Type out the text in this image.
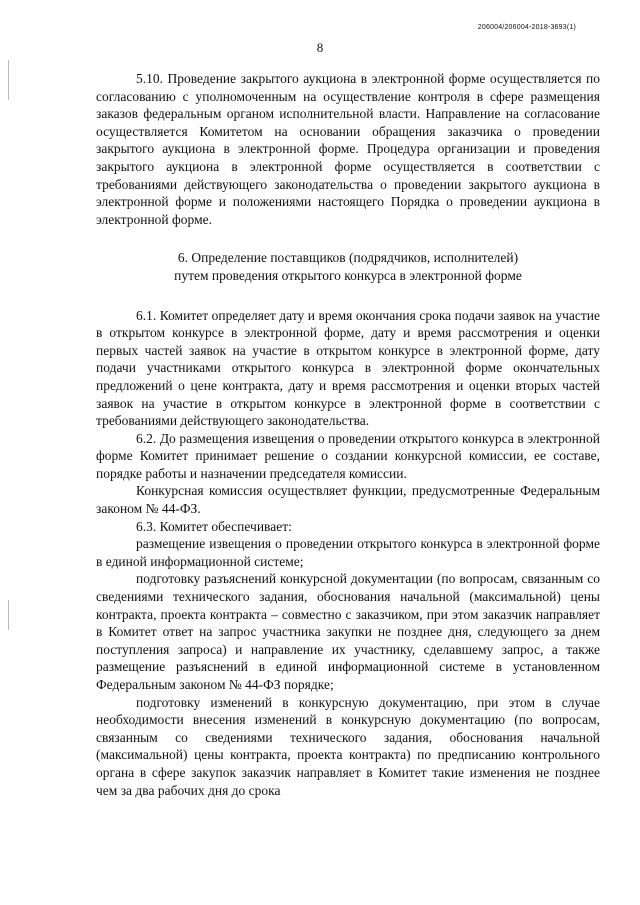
206004/206004-2018-3693(1)
8

5.10. Проведение закрытого аукциона в электронной форме осуществляется по согласованию с уполномоченным на осуществление контроля в сфере размещения заказов федеральным органом исполнительной власти. Направление на согласование осуществляется Комитетом на основании обращения заказчика о проведении закрытого аукциона в электронной форме. Процедура организации и проведения закрытого аукциона в электронной форме осуществляется в соответствии с требованиями действующего законодательства о проведении закрытого аукциона в электронной форме и положениями настоящего Порядка о проведении аукциона в электронной форме.

6. Определение поставщиков (подрядчиков, исполнителей)
путем проведения открытого конкурса в электронной форме

6.1. Комитет определяет дату и время окончания срока подачи заявок на участие в открытом конкурсе в электронной форме, дату и время рассмотрения и оценки первых частей заявок на участие в открытом конкурсе в электронной форме, дату подачи участниками открытого конкурса в электронной форме окончательных предложений о цене контракта, дату и время рассмотрения и оценки вторых частей заявок на участие в открытом конкурсе в электронной форме в соответствии с требованиями действующего законодательства.

6.2. До размещения извещения о проведении открытого конкурса в электронной форме Комитет принимает решение о создании конкурсной комиссии, ее составе, порядке работы и назначении председателя комиссии.

Конкурсная комиссия осуществляет функции, предусмотренные Федеральным законом № 44-ФЗ.

6.3. Комитет обеспечивает:

размещение извещения о проведении открытого конкурса в электронной форме в единой информационной системе;

подготовку разъяснений конкурсной документации (по вопросам, связанным со сведениями технического задания, обоснования начальной (максимальной) цены контракта, проекта контракта – совместно с заказчиком, при этом заказчик направляет в Комитет ответ на запрос участника закупки не позднее дня, следующего за днем поступления запроса) и направление их участнику, сделавшему запрос, а также размещение разъяснений в единой информационной системе в установленном Федеральным законом № 44-ФЗ порядке;

подготовку изменений в конкурсную документацию, при этом в случае необходимости внесения изменений в конкурсную документацию (по вопросам, связанным со сведениями технического задания, обоснования начальной (максимальной) цены контракта, проекта контракта) по предписанию контрольного органа в сфере закупок заказчик направляет в Комитет такие изменения не позднее чем за два рабочих дня до срока
